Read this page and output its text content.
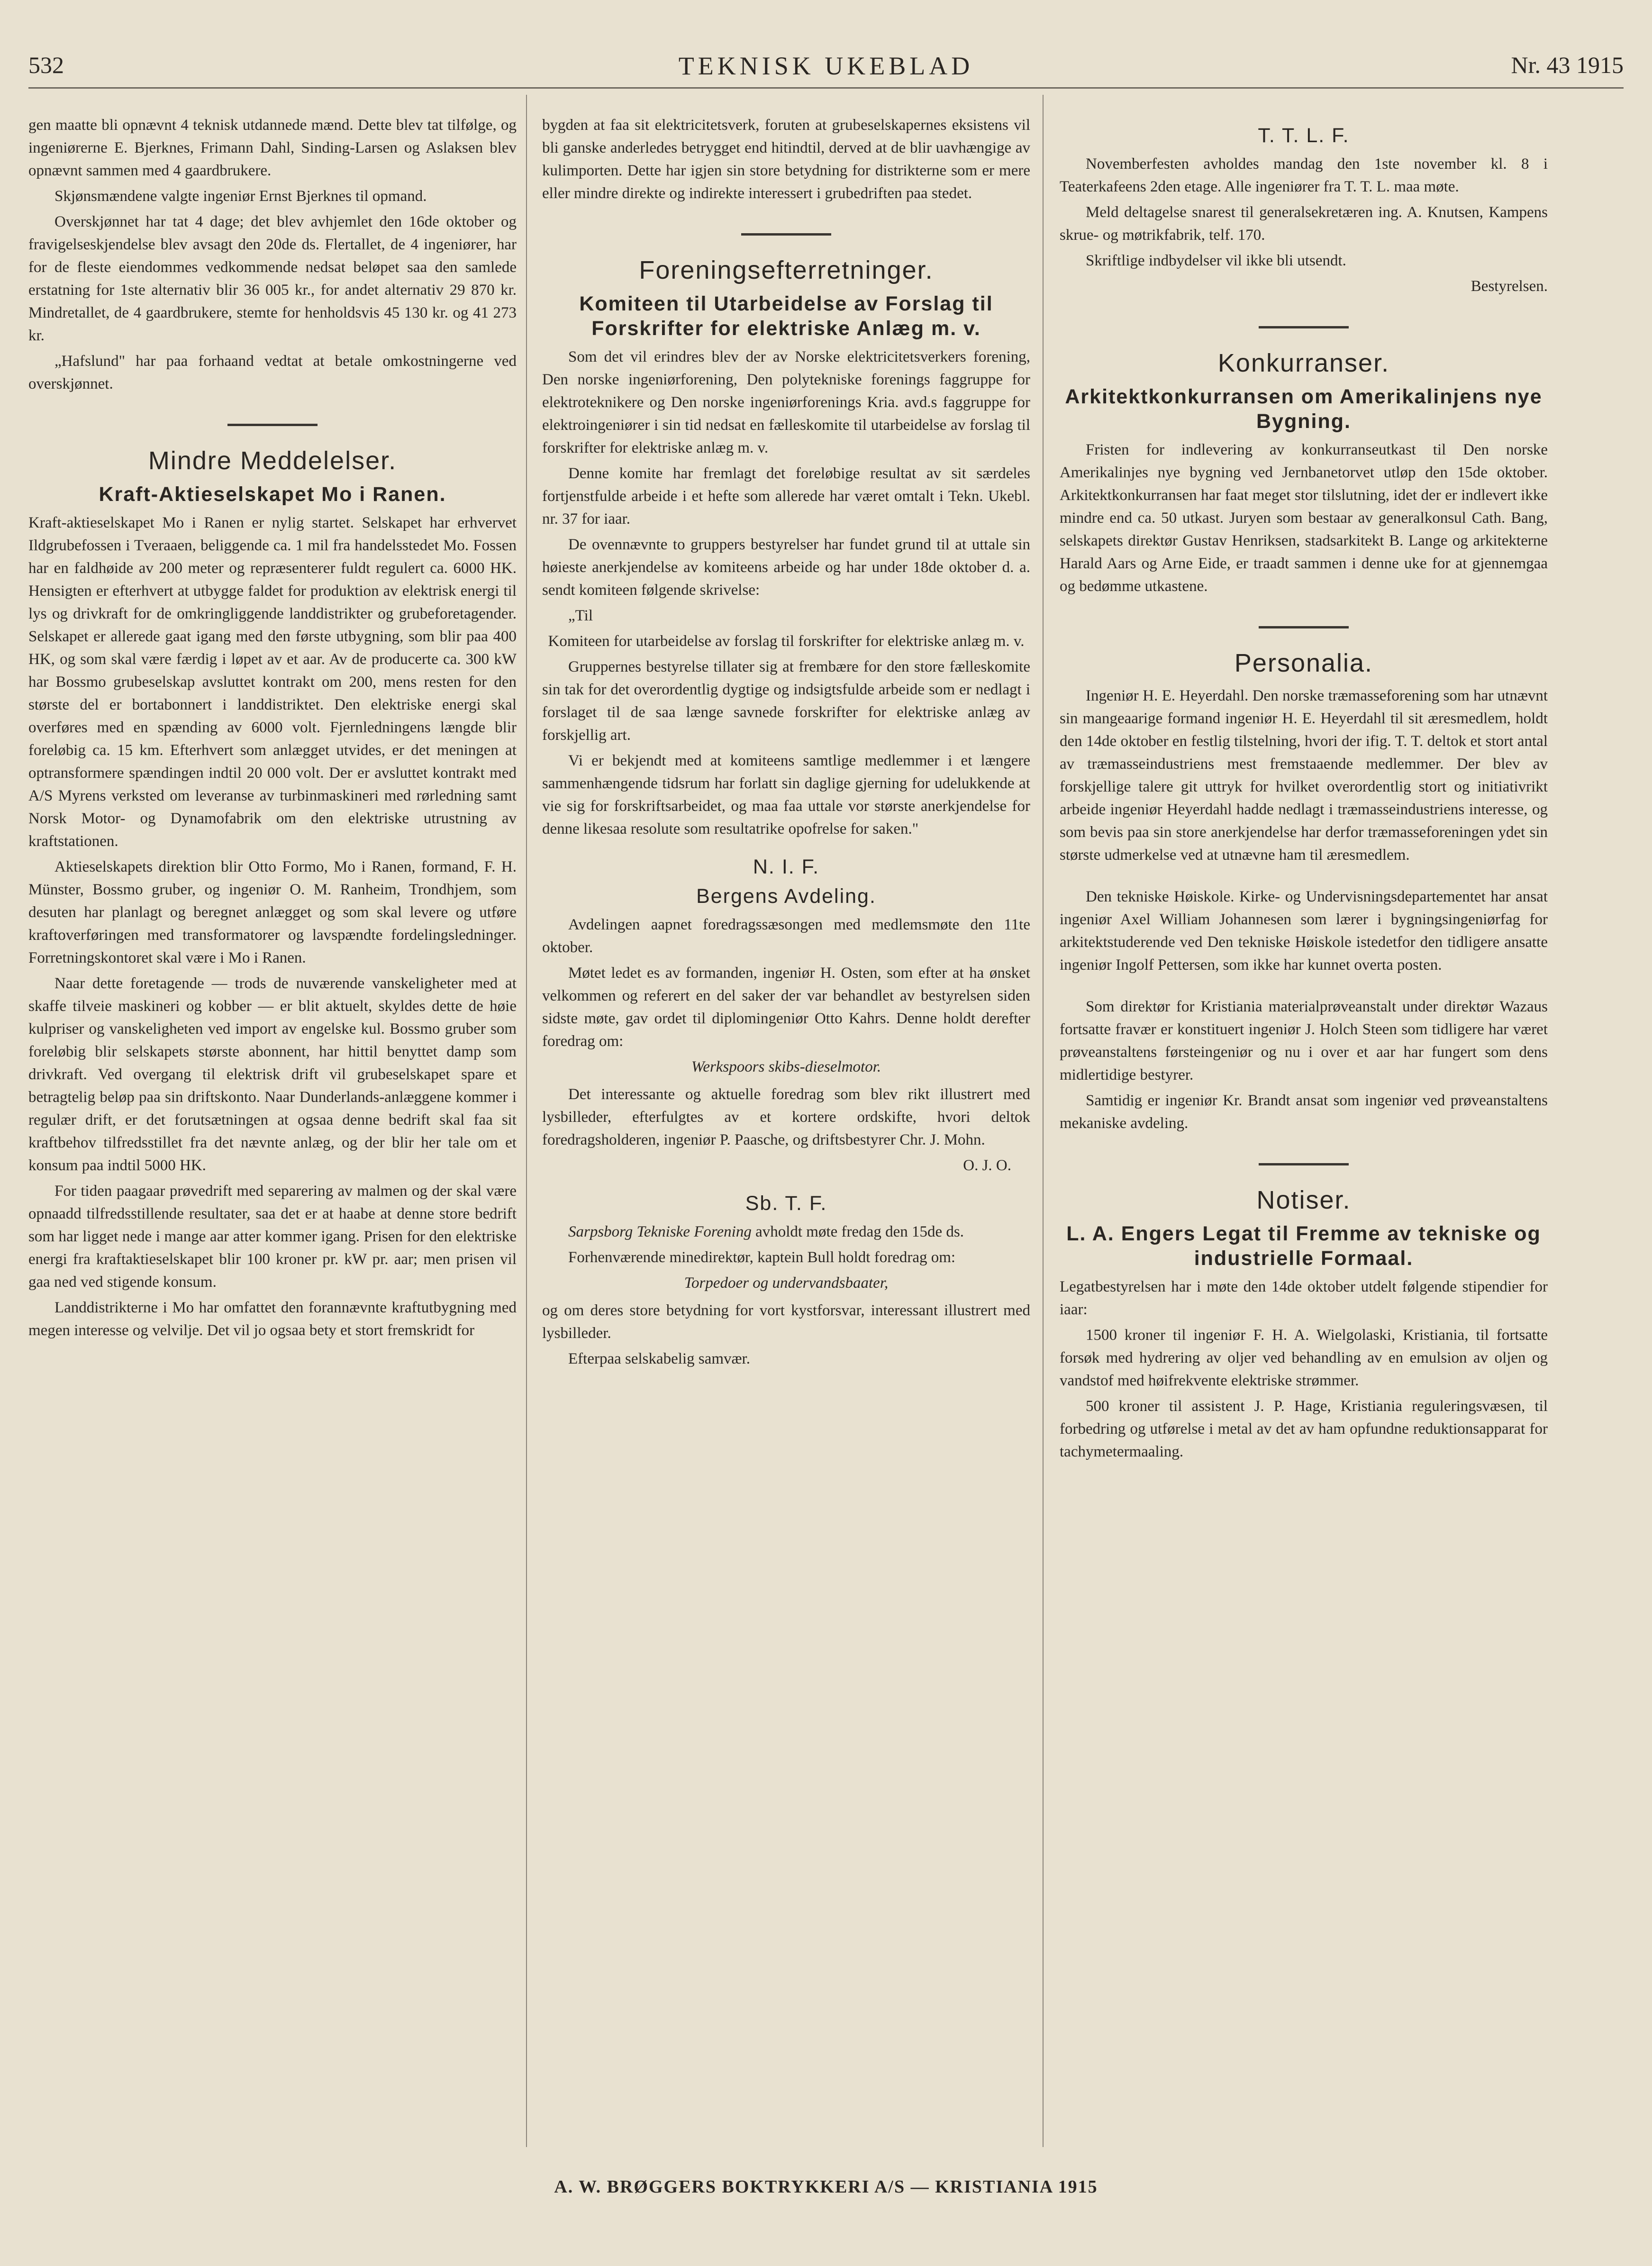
532	TEKNISK UKEBLAD	Nr. 43 1915

gen maatte bli opnævnt 4 teknisk utdannede mænd. Dette blev tat tilfølge, og ingeniørerne E. Bjerknes, Frimann Dahl, Sinding-Larsen og Aslaksen blev opnævnt sammen med 4 gaardbrukere.

Skjønsmændene valgte ingeniør Ernst Bjerknes til opmand.

Overskjønnet har tat 4 dage; det blev avhjemlet den 16de oktober og fravigelseskjendelse blev avsagt den 20de ds. Flertallet, de 4 ingeniører, har for de fleste eiendommes vedkommende nedsat beløpet saa den samlede erstatning for 1ste alternativ blir 36 005 kr., for andet alternativ 29 870 kr. Mindretallet, de 4 gaardbrukere, stemte for henholdsvis 45 130 kr. og 41 273 kr.

„Hafslund" har paa forhaand vedtat at betale omkostningerne ved overskjønnet.

Mindre Meddelelser.
Kraft-Aktieselskapet Mo i Ranen.

Kraft-aktieselskapet Mo i Ranen er nylig startet. Selskapet har erhvervet Ildgrubefossen i Tveraaen, beliggende ca. 1 mil fra handelsstedet Mo. Fossen har en faldhøide av 200 meter og repræsenterer fuldt regulert ca. 6000 HK. Hensigten er efterhvert at utbygge faldet for produktion av elektrisk energi til lys og drivkraft for de omkringliggende landdistrikter og grubeforetagender. Selskapet er allerede gaat igang med den første utbygning, som blir paa 400 HK, og som skal være færdig i løpet av et aar. Av de producerte ca. 300 kW har Bossmo grubeselskap avsluttet kontrakt om 200, mens resten for den største del er bortabonnert i landdistriktet. Den elektriske energi skal overføres med en spænding av 6000 volt. Fjernledningens længde blir foreløbig ca. 15 km. Efterhvert som anlægget utvides, er det meningen at optransformere spændingen indtil 20 000 volt. Der er avsluttet kontrakt med A/S Myrens verksted om leveranse av turbinmaskineri med rørledning samt Norsk Motor- og Dynamofabrik om den elektriske utrustning av kraftstationen.

Aktieselskapets direktion blir Otto Formo, Mo i Ranen, formand, F. H. Münster, Bossmo gruber, og ingeniør O. M. Ranheim, Trondhjem, som desuten har planlagt og beregnet anlægget og som skal levere og utføre kraftoverføringen med transformatorer og lavspændte fordelingsledninger. Forretningskontoret skal være i Mo i Ranen.

Naar dette foretagende — trods de nuværende vanskeligheter med at skaffe tilveie maskineri og kobber — er blit aktuelt, skyldes dette de høie kulpriser og vanskeligheten ved import av engelske kul. Bossmo gruber som foreløbig blir selskapets største abonnent, har hittil benyttet damp som drivkraft. Ved overgang til elektrisk drift vil grubeselskapet spare et betragtelig beløp paa sin driftskonto. Naar Dunderlands-anlæggene kommer i regulær drift, er det forutsætningen at ogsaa denne bedrift skal faa sit kraftbehov tilfredsstillet fra det nævnte anlæg, og der blir her tale om et konsum paa indtil 5000 HK.

For tiden paagaar prøvedrift med separering av malmen og der skal være opnaadd tilfredsstillende resultater, saa det er at haabe at denne store bedrift som har ligget nede i mange aar atter kommer igang. Prisen for den elektriske energi fra kraftaktieselskapet blir 100 kroner pr. kW pr. aar; men prisen vil gaa ned ved stigende konsum.

Landdistrikterne i Mo har omfattet den forannævnte kraftutbygning med megen interesse og velvilje. Det vil jo ogsaa bety et stort fremskridt for

bygden at faa sit elektricitetsverk, foruten at grubeselskapernes eksistens vil bli ganske anderledes betrygget end hitindtil, derved at de blir uavhængige av kulimporten. Dette har igjen sin store betydning for distrikterne som er mere eller mindre direkte og indirekte interessert i grubedriften paa stedet.

Foreningsefterretninger.
Komiteen til Utarbeidelse av Forslag til Forskrifter for elektriske Anlæg m. v.

Som det vil erindres blev der av Norske elektricitetsverkers forening, Den norske ingeniørforening, Den polytekniske forenings faggruppe for elektroteknikere og Den norske ingeniørforenings Kria. avd.s faggruppe for elektroingeniører i sin tid nedsat en fælleskomite til utarbeidelse av forslag til forskrifter for elektriske anlæg m. v.

Denne komite har fremlagt det foreløbige resultat av sit særdeles fortjenstfulde arbeide i et hefte som allerede har været omtalt i Tekn. Ukebl. nr. 37 for iaar.

De ovennævnte to gruppers bestyrelser har fundet grund til at uttale sin høieste anerkjendelse av komiteens arbeide og har under 18de oktober d. a. sendt komiteen følgende skrivelse:

„Til

Komiteen for utarbeidelse av forslag til forskrifter for elektriske anlæg m. v.

Gruppernes bestyrelse tillater sig at frembære for den store fælleskomite sin tak for det overordentlig dygtige og indsigtsfulde arbeide som er nedlagt i forslaget til de saa længe savnede forskrifter for elektriske anlæg av forskjellig art.

Vi er bekjendt med at komiteens samtlige medlemmer i et længere sammenhængende tidsrum har forlatt sin daglige gjerning for udelukkende at vie sig for forskriftsarbeidet, og maa faa uttale vor største anerkjendelse for denne likesaa resolute som resultatrike opofrelse for saken."

N. I. F.
Bergens Avdeling.

Avdelingen aapnet foredragssæsongen med medlemsmøte den 11te oktober.

Møtet ledet es av formanden, ingeniør H. Osten, som efter at ha ønsket velkommen og referert en del saker der var behandlet av bestyrelsen siden sidste møte, gav ordet til diplomingeniør Otto Kahrs. Denne holdt derefter foredrag om:

Werkspoors skibs-dieselmotor.

Det interessante og aktuelle foredrag som blev rikt illustrert med lysbilleder, efterfulgtes av et kortere ordskifte, hvori deltok foredragsholderen, ingeniør P. Paasche, og driftsbestyrer Chr. J. Mohn.

O. J. O.

Sb. T. F.

Sarpsborg Tekniske Forening avholdt møte fredag den 15de ds.

Forhenværende minedirektør, kaptein Bull holdt foredrag om:

Torpedoer og undervandsbaater,

og om deres store betydning for vort kystforsvar, interessant illustrert med lysbilleder.

Efterpaa selskabelig samvær.

T. T. L. F.

Novemberfesten avholdes mandag den 1ste november kl. 8 i Teaterkafeens 2den etage. Alle ingeniører fra T. T. L. maa møte.

Meld deltagelse snarest til generalsekretæren ing. A. Knutsen, Kampens skrue- og møtrikfabrik, telf. 170.

Skriftlige indbydelser vil ikke bli utsendt.

Bestyrelsen.

Konkurranser.
Arkitektkonkurransen om Amerikalinjens nye Bygning.

Fristen for indlevering av konkurranseutkast til Den norske Amerikalinjes nye bygning ved Jernbanetorvet utløp den 15de oktober. Arkitektkonkurransen har faat meget stor tilslutning, idet der er indlevert ikke mindre end ca. 50 utkast. Juryen som bestaar av generalkonsul Cath. Bang, selskapets direktør Gustav Henriksen, stadsarkitekt B. Lange og arkitekterne Harald Aars og Arne Eide, er traadt sammen i denne uke for at gjennemgaa og bedømme utkastene.

Personalia.

Ingeniør H. E. Heyerdahl. Den norske træmasseforening som har utnævnt sin mangeaarige formand ingeniør H. E. Heyerdahl til sit æresmedlem, holdt den 14de oktober en festlig tilstelning, hvori der ifig. T. T. deltok et stort antal av træmasseindustriens mest fremstaaende medlemmer. Der blev av forskjellige talere git uttryk for hvilket overordentlig stort og initiativrikt arbeide ingeniør Heyerdahl hadde nedlagt i træmasseindustriens interesse, og som bevis paa sin store anerkjendelse har derfor træmasseforeningen ydet sin største udmerkelse ved at utnævne ham til æresmedlem.

Den tekniske Høiskole. Kirke- og Undervisningsdepartementet har ansat ingeniør Axel William Johannesen som lærer i bygningsingeniørfag for arkitektstuderende ved Den tekniske Høiskole istedetfor den tidligere ansatte ingeniør Ingolf Pettersen, som ikke har kunnet overta posten.

Som direktør for Kristiania materialprøveanstalt under direktør Wazaus fortsatte fravær er konstituert ingeniør J. Holch Steen som tidligere har været prøveanstaltens førsteingeniør og nu i over et aar har fungert som dens midlertidige bestyrer.

Samtidig er ingeniør Kr. Brandt ansat som ingeniør ved prøveanstaltens mekaniske avdeling.

Notiser.
L. A. Engers Legat til Fremme av tekniske og industrielle Formaal.

Legatbestyrelsen har i møte den 14de oktober utdelt følgende stipendier for iaar:

1500 kroner til ingeniør F. H. A. Wielgolaski, Kristiania, til fortsatte forsøk med hydrering av oljer ved behandling av en emulsion av oljen og vandstof med høifrekvente elektriske strømmer.

500 kroner til assistent J. P. Hage, Kristiania reguleringsvæsen, til forbedring og utførelse i metal av det av ham opfundne reduktionsapparat for tachymetermaaling.

A. W. BRØGGERS BOKTRYKKERI A/S — KRISTIANIA 1915
